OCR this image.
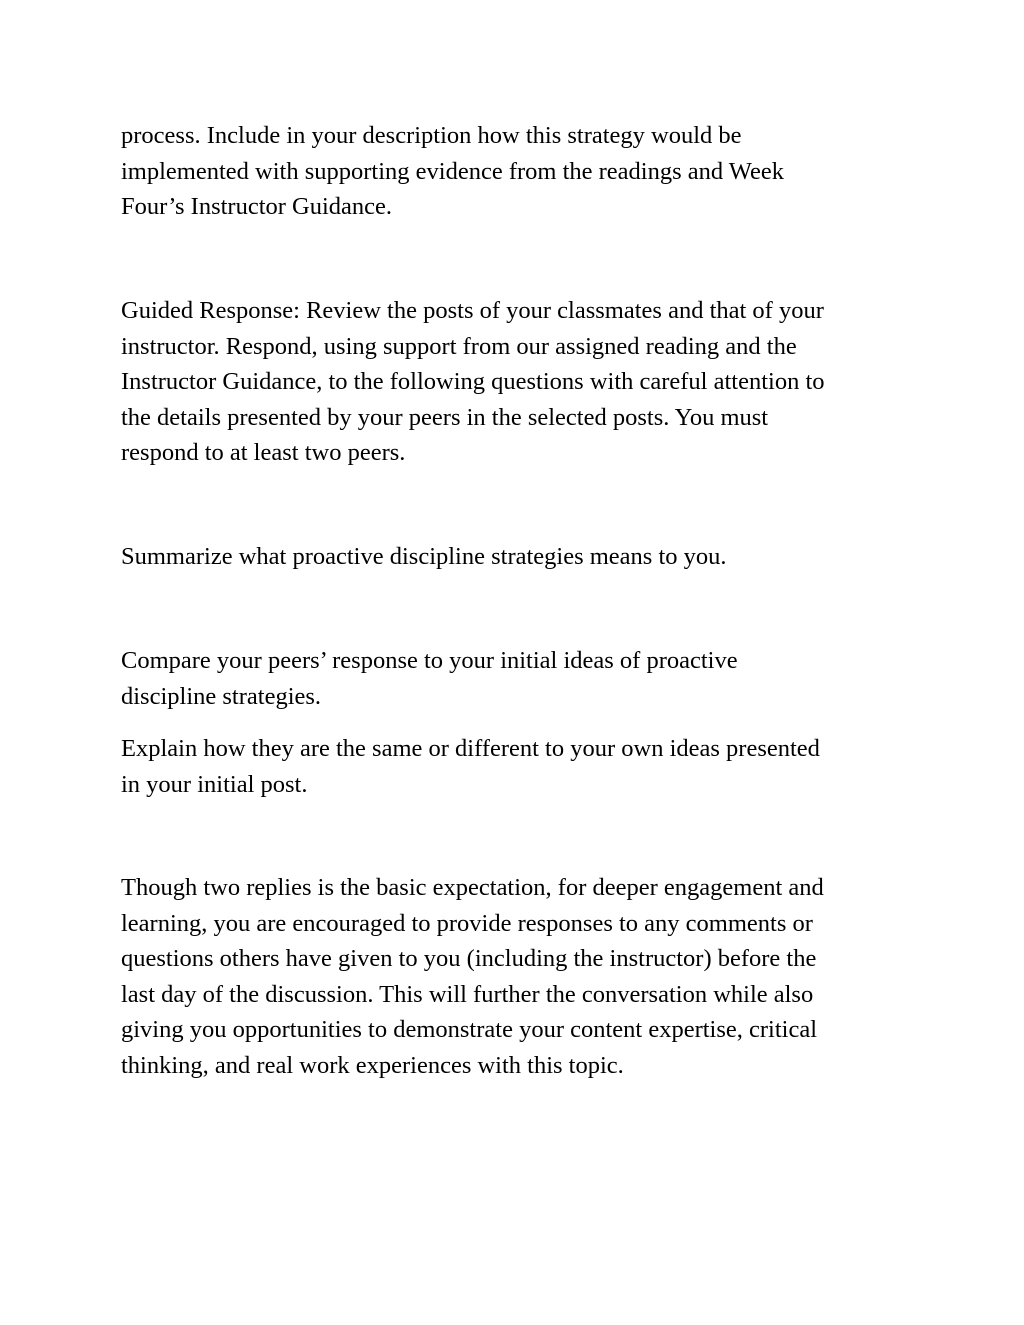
process. Include in your description how this strategy would be
implemented with supporting evidence from the readings and Week
Four’s Instructor Guidance.

Guided Response: Review the posts of your classmates and that of your
instructor. Respond, using support from our assigned reading and the
Instructor Guidance, to the following questions with careful attention to
the details presented by your peers in the selected posts. You must
respond to at least two peers.

Summarize what proactive discipline strategies means to you.

Compare your peers’ response to your initial ideas of proactive
discipline strategies.

Explain how they are the same or different to your own ideas presented
in your initial post.

Though two replies is the basic expectation, for deeper engagement and
learning, you are encouraged to provide responses to any comments or
questions others have given to you (including the instructor) before the
last day of the discussion. This will further the conversation while also
giving you opportunities to demonstrate your content expertise, critical
thinking, and real work experiences with this topic.
